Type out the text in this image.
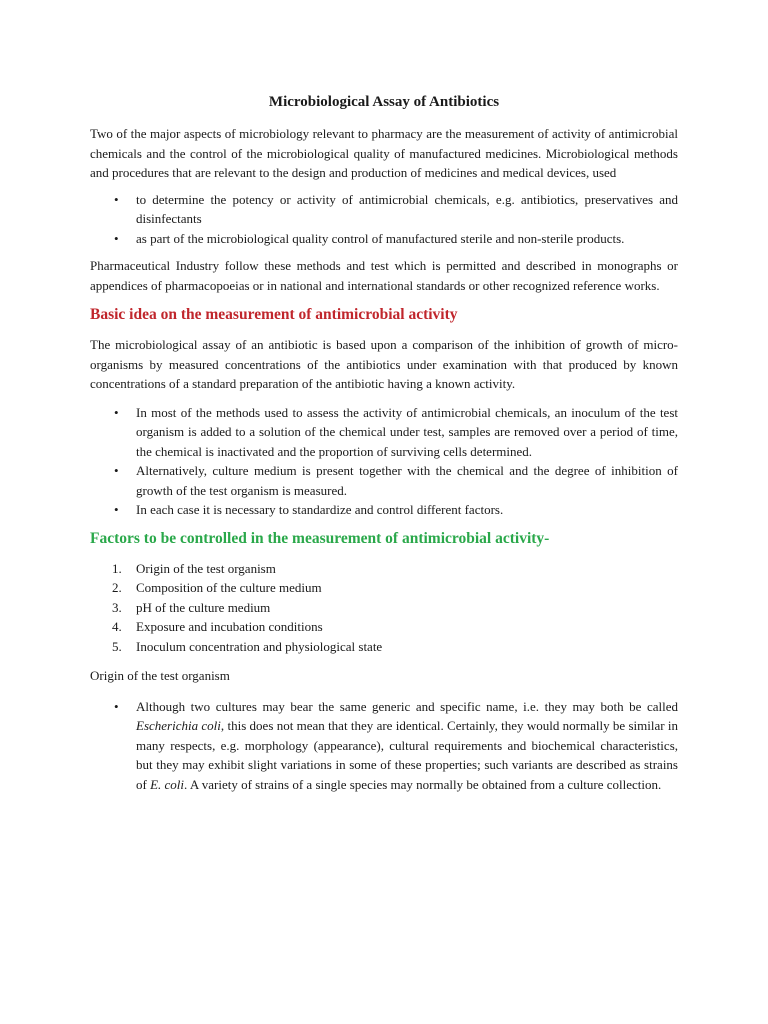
Microbiological Assay of Antibiotics

Two of the major aspects of microbiology relevant to pharmacy are the measurement of activity of antimicrobial chemicals and the control of the microbiological quality of manufactured medicines. Microbiological methods and procedures that are relevant to the design and production of medicines and medical devices, used

• to determine the potency or activity of antimicrobial chemicals, e.g. antibiotics, preservatives and disinfectants
• as part of the microbiological quality control of manufactured sterile and non-sterile products.

Pharmaceutical Industry follow these methods and test which is permitted and described in monographs or appendices of pharmacopoeias or in national and international standards or other recognized reference works.

Basic idea on the measurement of antimicrobial activity

The microbiological assay of an antibiotic is based upon a comparison of the inhibition of growth of micro-organisms by measured concentrations of the antibiotics under examination with that produced by known concentrations of a standard preparation of the antibiotic having a known activity.

• In most of the methods used to assess the activity of antimicrobial chemicals, an inoculum of the test organism is added to a solution of the chemical under test, samples are removed over a period of time, the chemical is inactivated and the proportion of surviving cells determined.
• Alternatively, culture medium is present together with the chemical and the degree of inhibition of growth of the test organism is measured.
• In each case it is necessary to standardize and control different factors.
Factors to be controlled in the measurement of antimicrobial activity-
1. Origin of the test organism
2. Composition of the culture medium
3. pH of the culture medium
4. Exposure and incubation conditions
5. Inoculum concentration and physiological state
Origin of the test organism
• Although two cultures may bear the same generic and specific name, i.e. they may both be called Escherichia coli, this does not mean that they are identical. Certainly, they would normally be similar in many respects, e.g. morphology (appearance), cultural requirements and biochemical characteristics, but they may exhibit slight variations in some of these properties; such variants are described as strains of E. coli. A variety of strains of a single species may normally be obtained from a culture collection.
